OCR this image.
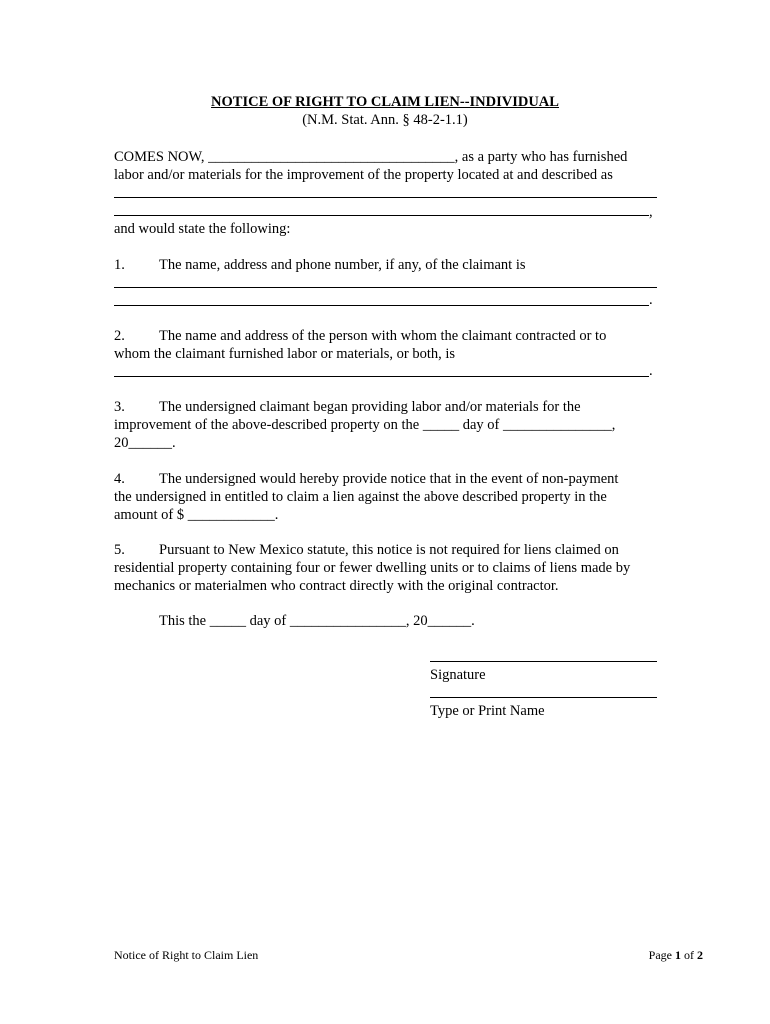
NOTICE OF RIGHT TO CLAIM LIEN--INDIVIDUAL
(N.M. Stat. Ann. § 48-2-1.1)
COMES NOW, __________________________________, as a party who has furnished
labor and/or materials for the improvement of the property located at and described as
,
and would state the following:
1. The name, address and phone number, if any, of the claimant is
.
2. The name and address of the person with whom the claimant contracted or to
whom the claimant furnished labor or materials, or both, is
.
3. The undersigned claimant began providing labor and/or materials for the
improvement of the above-described property on the _____ day of _______________,
20______.
4. The undersigned would hereby provide notice that in the event of non-payment
the undersigned in entitled to claim a lien against the above described property in the
amount of $ ____________.
5. Pursuant to New Mexico statute, this notice is not required for liens claimed on
residential property containing four or fewer dwelling units or to claims of liens made by
mechanics or materialmen who contract directly with the original contractor.
This the _____ day of ________________, 20______.
Signature
Type or Print Name
Notice of Right to Claim Lien	Page 1 of 2
